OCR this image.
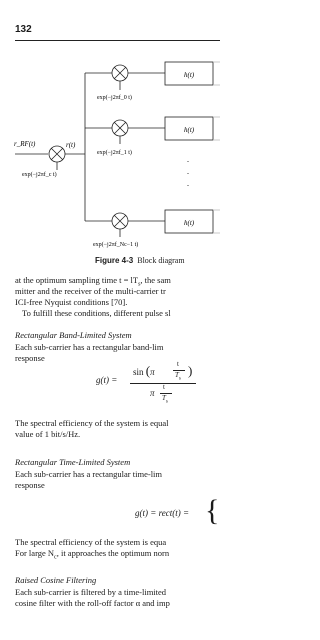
132
r_RF(t)
exp(−j2πf_c t)
r(t)
exp(−j2πf_0 t)
h(t)
exp(−j2πf_1 t)
h(t)
.
.
.
exp(−j2πf_Nc−1 t)
h(t)
Figure 4-3 Block diagram
at the optimum sampling time $t = lT_s$, the sam
mitter and the receiver of the multi-carrier tr
ICI-free Nyquist conditions [70].
To fulfill these conditions, different pulse sl
Rectangular Band-Limited System
Each sub-carrier has a rectangular band-lim
response
g(t) =
sin (π
t
$T_s$
)
π
t
$T_s$
The spectral efficiency of the system is equal
value of 1 bit/s/Hz.
Rectangular Time-Limited System
Each sub-carrier has a rectangular time-lim
response
g(t) = rect(t) = {
The spectral efficiency of the system is equa
For large $N_c$, it approaches the optimum norn
Raised Cosine Filtering
Each sub-carrier is filtered by a time-limited
cosine filter with the roll-off factor α and imp
